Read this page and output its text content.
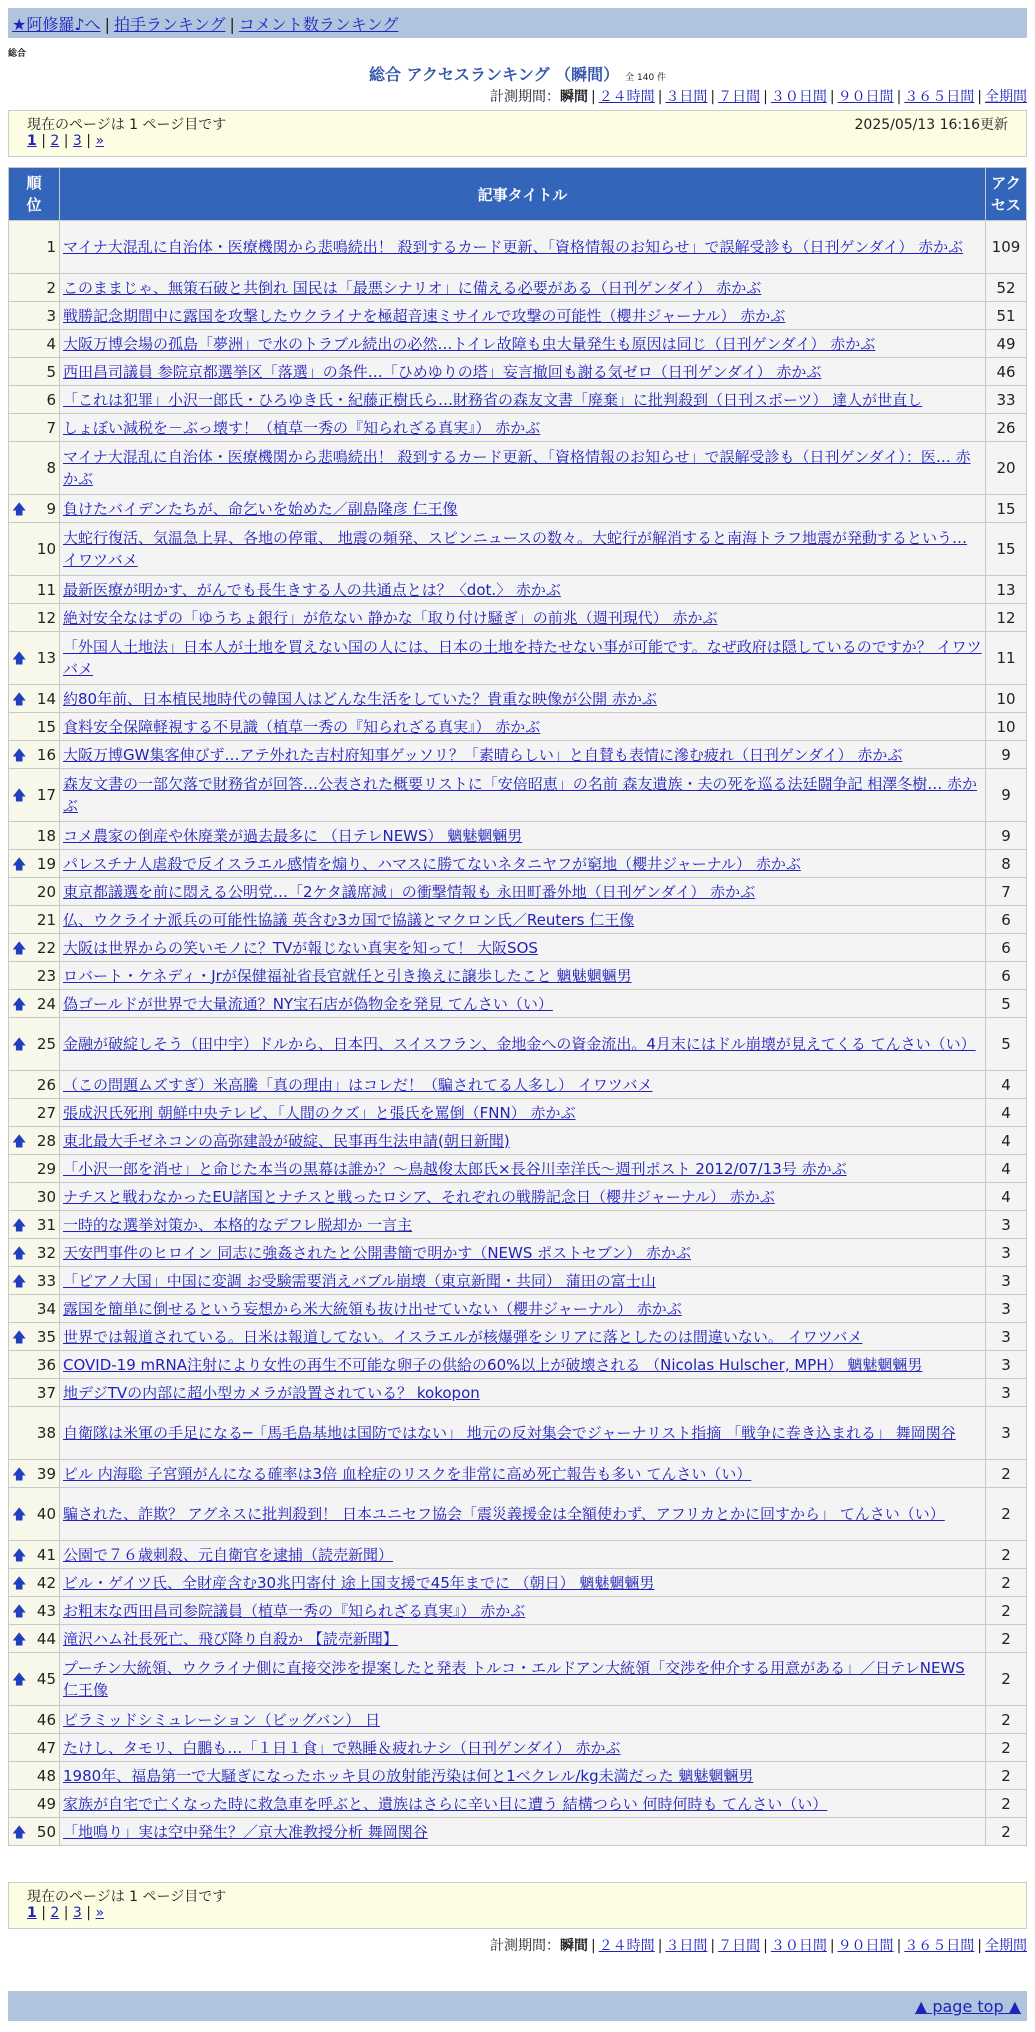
★阿修羅♪へ | 拍手ランキング | コメント数ランキング
総合
総合 アクセスランキング （瞬間） 全 140 件
計測期間：瞬間 | ２４時間 | ３日間 | ７日間 | ３０日間 | ９０日間 | ３６５日間 | 全期間
現在のページは 1 ページ目です	2025/05/13 16:16更新
1 | 2 | 3 | »
順位	記事タイトル	アクセス
1	マイナ大混乱に自治体・医療機関から悲鳴続出！ 殺到するカード更新、「資格情報のお知らせ」で誤解受診も（日刊ゲンダイ） 赤かぶ	109
2	このままじゃ、無策石破と共倒れ 国民は「最悪シナリオ」に備える必要がある（日刊ゲンダイ） 赤かぶ	52
3	戦勝記念期間中に露国を攻撃したウクライナを極超音速ミサイルで攻撃の可能性（櫻井ジャーナル） 赤かぶ	51
4	大阪万博会場の孤島「夢洲」で水のトラブル続出の必然…トイレ故障も虫大量発生も原因は同じ（日刊ゲンダイ） 赤かぶ	49
5	西田昌司議員 参院京都選挙区「落選」の条件…「ひめゆりの塔」妄言撤回も謝る気ゼロ（日刊ゲンダイ） 赤かぶ	46
6	「これは犯罪」小沢一郎氏・ひろゆき氏・紀藤正樹氏ら…財務省の森友文書「廃棄」に批判殺到（日刊スポーツ） 達人が世直し	33
7	しょぼい減税を－ぶっ壊す！（植草一秀の『知られざる真実』） 赤かぶ	26
8	マイナ大混乱に自治体・医療機関から悲鳴続出！ 殺到するカード更新、「資格情報のお知らせ」で誤解受診も（日刊ゲンダイ）：医… 赤かぶ	20

🡅 9	負けたバイデンたちが、命乞いを始めた／副島隆彦 仁王像	15
10	大蛇行復活、気温急上昇、各地の停電、 地震の頻発、スピンニュースの数々。大蛇行が解消すると南海トラフ地震が発動するという… イワツバメ	15
11	最新医療が明かす、がんでも長生きする人の共通点とは？〈dot.〉 赤かぶ	13
12	絶対安全なはずの「ゆうちょ銀行」が危ない 静かな「取り付け騒ぎ」の前兆（週刊現代） 赤かぶ	12

🡅 13	「外国人土地法」日本人が土地を買えない国の人には、日本の土地を持たせない事が可能です。なぜ政府は隠しているのですか？ イワツバメ	11

🡅 14	約80年前、日本植民地時代の韓国人はどんな生活をしていた？貴重な映像が公開 赤かぶ	10
15	食料安全保障軽視する不見識（植草一秀の『知られざる真実』） 赤かぶ	10

🡅 16	大阪万博GW集客伸びず…アテ外れた吉村府知事ゲッソリ？「素晴らしい」と自賛も表情に滲む疲れ（日刊ゲンダイ） 赤かぶ	9

🡅 17	森友文書の一部欠落で財務省が回答…公表された概要リストに「安倍昭恵」の名前 森友遺族・夫の死を巡る法廷闘争記 相澤冬樹… 赤かぶ	9
18	コメ農家の倒産や休廃業が過去最多に （日テレNEWS） 魑魅魍魎男	9

🡅 19	パレスチナ人虐殺で反イスラエル感情を煽り、ハマスに勝てないネタニヤフが窮地（櫻井ジャーナル） 赤かぶ	8
20	東京都議選を前に悶える公明党…「2ケタ議席減」の衝撃情報も 永田町番外地（日刊ゲンダイ） 赤かぶ	7
21	仏、ウクライナ派兵の可能性協議 英含む3カ国で協議とマクロン氏／Reuters 仁王像	6

🡅 22	大阪は世界からの笑いモノに？TVが報じない真実を知って！ 大阪SOS	6
23	ロバート・ケネディ・Jrが保健福祉省長官就任と引き換えに譲歩したこと 魑魅魍魎男	6

🡅 24	偽ゴールドが世界で大量流通？NY宝石店が偽物金を発見 てんさい（い）	5

🡅 25	金融が破綻しそう（田中宇）ドルから、日本円、スイスフラン、金地金への資金流出。4月末にはドル崩壊が見えてくる てんさい（い）	5
26	（この問題ムズすぎ）米高騰「真の理由」はコレだ！（騙されてる人多し） イワツバメ	4
27	張成沢氏死刑 朝鮮中央テレビ、「人間のクズ」と張氏を罵倒（FNN） 赤かぶ	4

🡅 28	東北最大手ゼネコンの高弥建設が破綻、民事再生法申請(朝日新聞)	4
29	「小沢一郎を消せ」と命じた本当の黒幕は誰か？～鳥越俊太郎氏×長谷川幸洋氏～週刊ポスト 2012/07/13号 赤かぶ	4
30	ナチスと戦わなかったEU諸国とナチスと戦ったロシア、それぞれの戦勝記念日（櫻井ジャーナル） 赤かぶ	4

🡅 31	一時的な選挙対策か、本格的なデフレ脱却か 一言主	3

🡅 32	天安門事件のヒロイン 同志に強姦されたと公開書簡で明かす（NEWS ポストセブン） 赤かぶ	3

🡅 33	「ピアノ大国」中国に変調 お受験需要消えバブル崩壊（東京新聞・共同） 蒲田の富士山	3
34	露国を簡単に倒せるという妄想から米大統領も抜け出せていない（櫻井ジャーナル） 赤かぶ	3

🡅 35	世界では報道されている。日米は報道してない。イスラエルが核爆弾をシリアに落としたのは間違いない。 イワツバメ	3
36	COVID-19 mRNA注射により女性の再生不可能な卵子の供給の60%以上が破壊される （Nicolas Hulscher, MPH） 魑魅魍魎男	3
37	地デジTVの内部に超小型カメラが設置されている？ kokopon	3
38	自衛隊は米軍の手足になる─「馬毛島基地は国防ではない」 地元の反対集会でジャーナリスト指摘 「戦争に巻き込まれる」 舞岡関谷	3

🡅 39	ピル 内海聡 子宮頸がんになる確率は3倍 血栓症のリスクを非常に高め死亡報告も多い てんさい（い）	2

🡅 40	騙された、詐欺？ アグネスに批判殺到！ 日本ユニセフ協会「震災義援金は全額使わず、アフリカとかに回すから」 てんさい（い）	2

🡅 41	公園で７６歳刺殺、元自衛官を逮捕（読売新聞）	2

🡅 42	ビル・ゲイツ氏、全財産含む30兆円寄付 途上国支援で45年までに （朝日） 魑魅魍魎男	2

🡅 43	お粗末な西田昌司参院議員（植草一秀の『知られざる真実』） 赤かぶ	2

🡅 44	滝沢ハム社長死亡、飛び降り自殺か 【読売新聞】	2

🡅 45	プーチン大統領、ウクライナ側に直接交渉を提案したと発表 トルコ・エルドアン大統領「交渉を仲介する用意がある」／日テレNEWS 仁王像	2
46	ピラミッドシミュレーション（ビッグバン） 日	2
47	たけし、タモリ、白鵬も…「１日１食」で熟睡＆疲れナシ（日刊ゲンダイ） 赤かぶ	2
48	1980年、福島第一で大騒ぎになったホッキ貝の放射能汚染は何と1ベクレル/kg未満だった 魑魅魍魎男	2
49	家族が自宅で亡くなった時に救急車を呼ぶと、遺族はさらに辛い目に遭う 結構つらい 何時何時も てんさい（い）	2

🡅 50	「地鳴り」実は空中発生？／京大准教授分析 舞岡関谷	2
現在のページは 1 ページ目です
1 | 2 | 3 | »
計測期間：瞬間 | ２４時間 | ３日間 | ７日間 | ３０日間 | ９０日間 | ３６５日間 | 全期間
▲ page top ▲
